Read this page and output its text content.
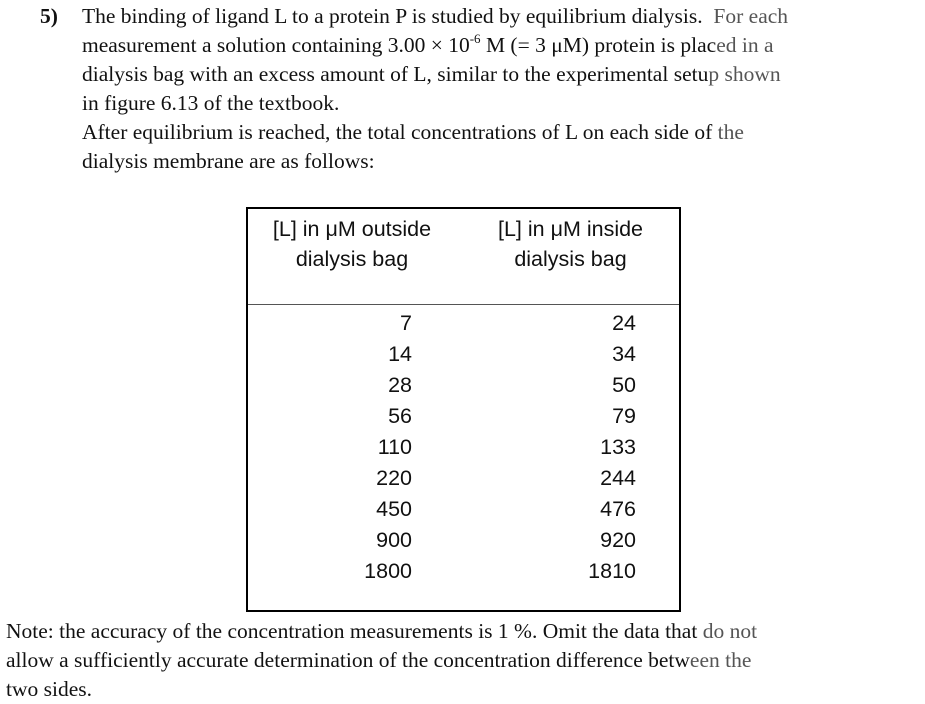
5) The binding of ligand L to a protein P is studied by equilibrium dialysis. For each
measurement a solution containing $3.00 \times 10^{-6}$ M (= 3 μM) protein is placed in a
dialysis bag with an excess amount of L, similar to the experimental setup shown
in figure 6.13 of the textbook.
After equilibrium is reached, the total concentrations of L on each side of the
dialysis membrane are as follows:
[L] in μM outside
dialysis bag
[L] in μM inside
dialysis bag
7
14
28
56
110
220
450
900
1800
24
34
50
79
133
244
476
920
1810
Note: the accuracy of the concentration measurements is 1 %. Omit the data that do not
allow a sufficiently accurate determination of the concentration difference between the
two sides.
